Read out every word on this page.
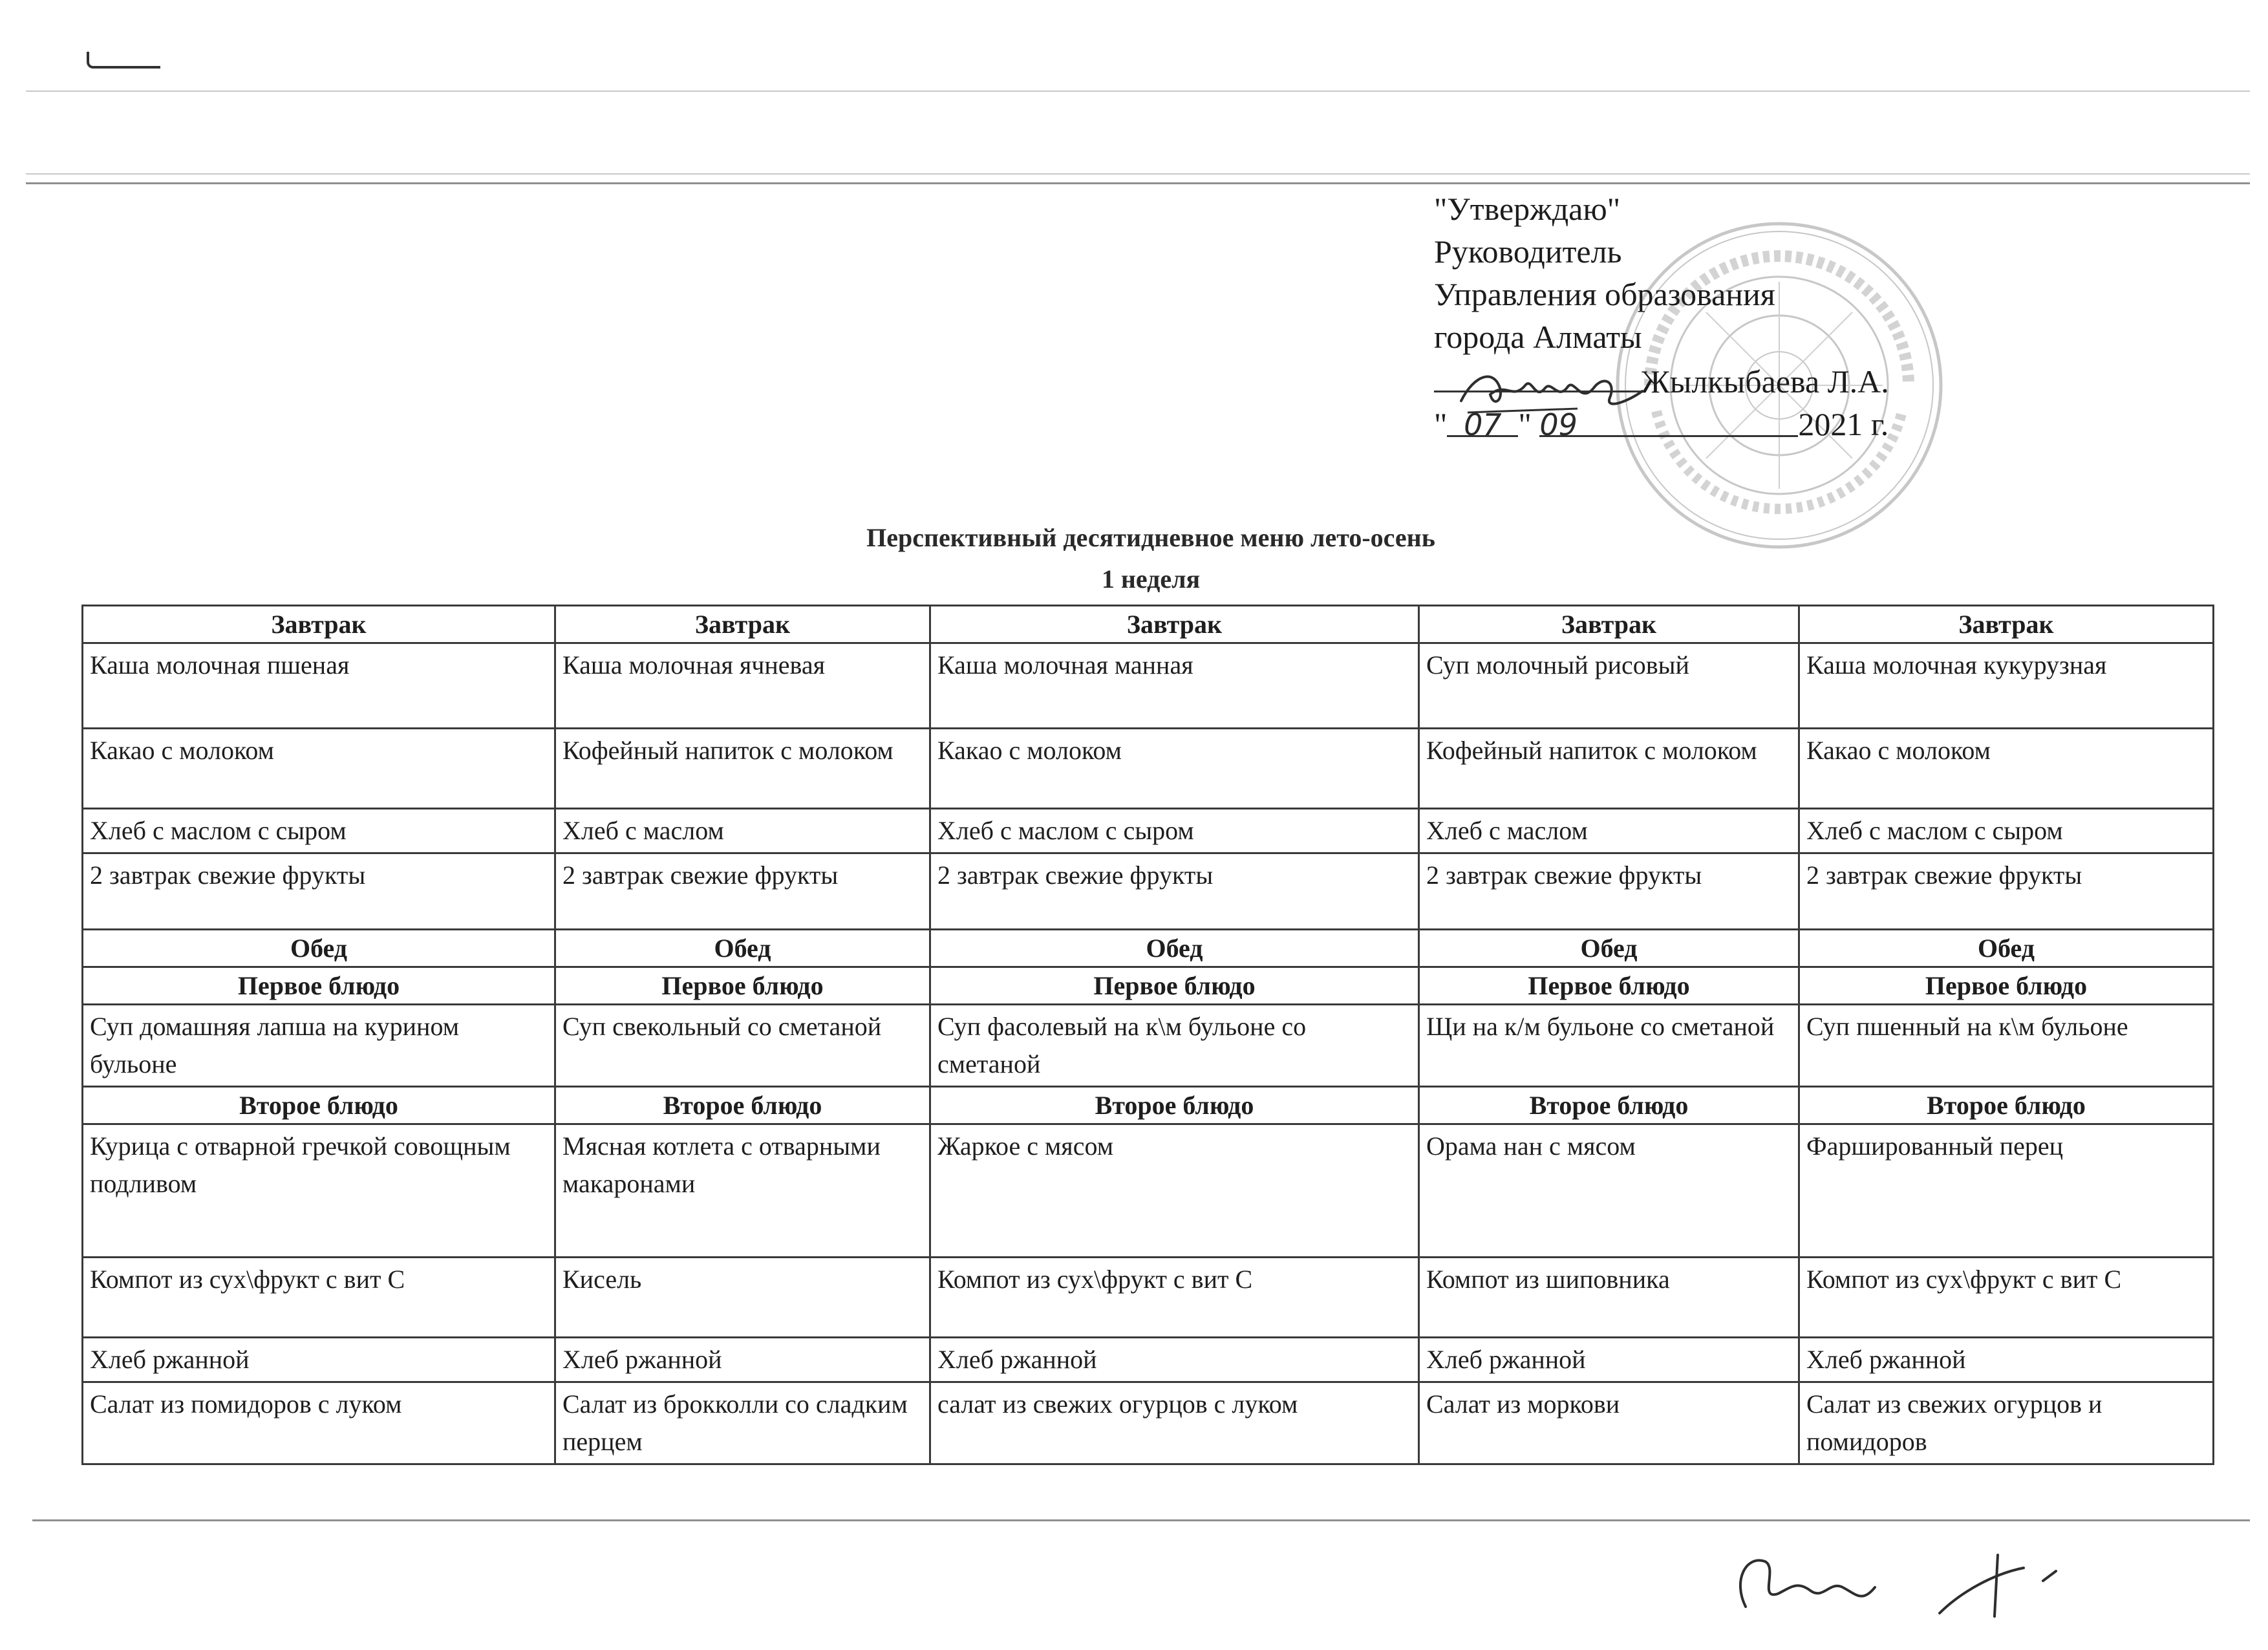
"Утверждаю"
Руководитель
Управления образования
города Алматы
Жылкыбаева Л.А.
" 07 " 09	2021 г.
Перспективный десятидневное меню лето-осень
1 неделя
Завтрак	Завтрак	Завтрак	Завтрак	Завтрак
Каша молочная пшеная	Каша молочная ячневая	Каша молочная манная	Суп молочный рисовый	Каша молочная кукурузная
Какао с молоком	Кофейный напиток с молоком	Какао с молоком	Кофейный напиток с молоком	Какао с молоком
Хлеб с маслом с сыром	Хлеб с маслом	Хлеб с маслом с сыром	Хлеб с маслом	Хлеб с маслом с сыром
2 завтрак свежие фрукты	2 завтрак свежие фрукты	2 завтрак свежие фрукты	2 завтрак свежие фрукты	2 завтрак свежие фрукты
Обед	Обед	Обед	Обед	Обед
Первое блюдо	Первое блюдо	Первое блюдо	Первое блюдо	Первое блюдо
Суп домашняя лапша на курином бульоне	Суп свекольный со сметаной	Суп фасолевый на к\м бульоне со сметаной	Щи на к/м бульоне со сметаной	Суп пшенный на к\м бульоне
Второе блюдо	Второе блюдо	Второе блюдо	Второе блюдо	Второе блюдо
Курица с отварной гречкой совощным подливом	Мясная котлета с отварными макаронами	Жаркое с мясом	Орама нан с мясом	Фаршированный перец
Компот из сух\фрукт с вит С	Кисель	Компот из сух\фрукт с вит С	Компот из шиповника	Компот из сух\фрукт с вит С
Хлеб ржанной	Хлеб ржанной	Хлеб ржанной	Хлеб ржанной	Хлеб ржанной
Салат из помидоров с луком	Салат из брокколли со сладким перцем	салат из свежих огурцов с луком	Салат из моркови	Салат из свежих огурцов и помидоров
